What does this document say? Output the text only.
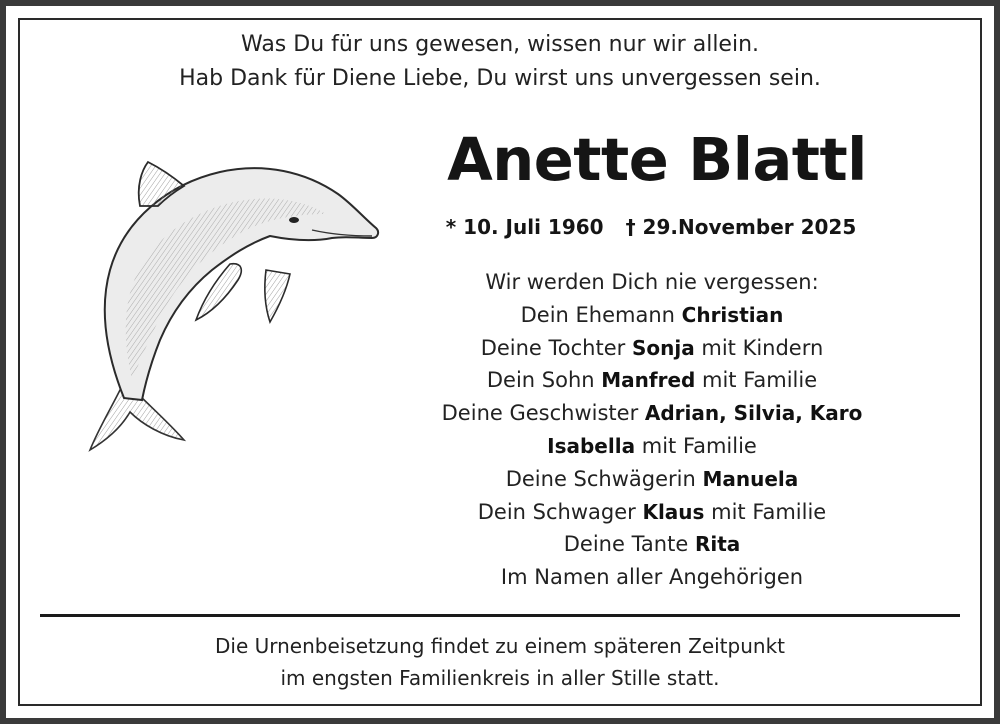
Was Du für uns gewesen, wissen nur wir allein.
Hab Dank für Diene Liebe, Du wirst uns unvergessen sein.
Anette Blattl
* 10. Juli 1960 † 29.November 2025
Wir werden Dich nie vergessen:
Dein Ehemann Christian
Deine Tochter Sonja mit Kindern
Dein Sohn Manfred mit Familie
Deine Geschwister Adrian, Silvia, Karo
Isabella mit Familie
Deine Schwägerin Manuela
Dein Schwager Klaus mit Familie
Deine Tante Rita
Im Namen aller Angehörigen
Die Urnenbeisetzung findet zu einem späteren Zeitpunkt
im engsten Familienkreis in aller Stille statt.
